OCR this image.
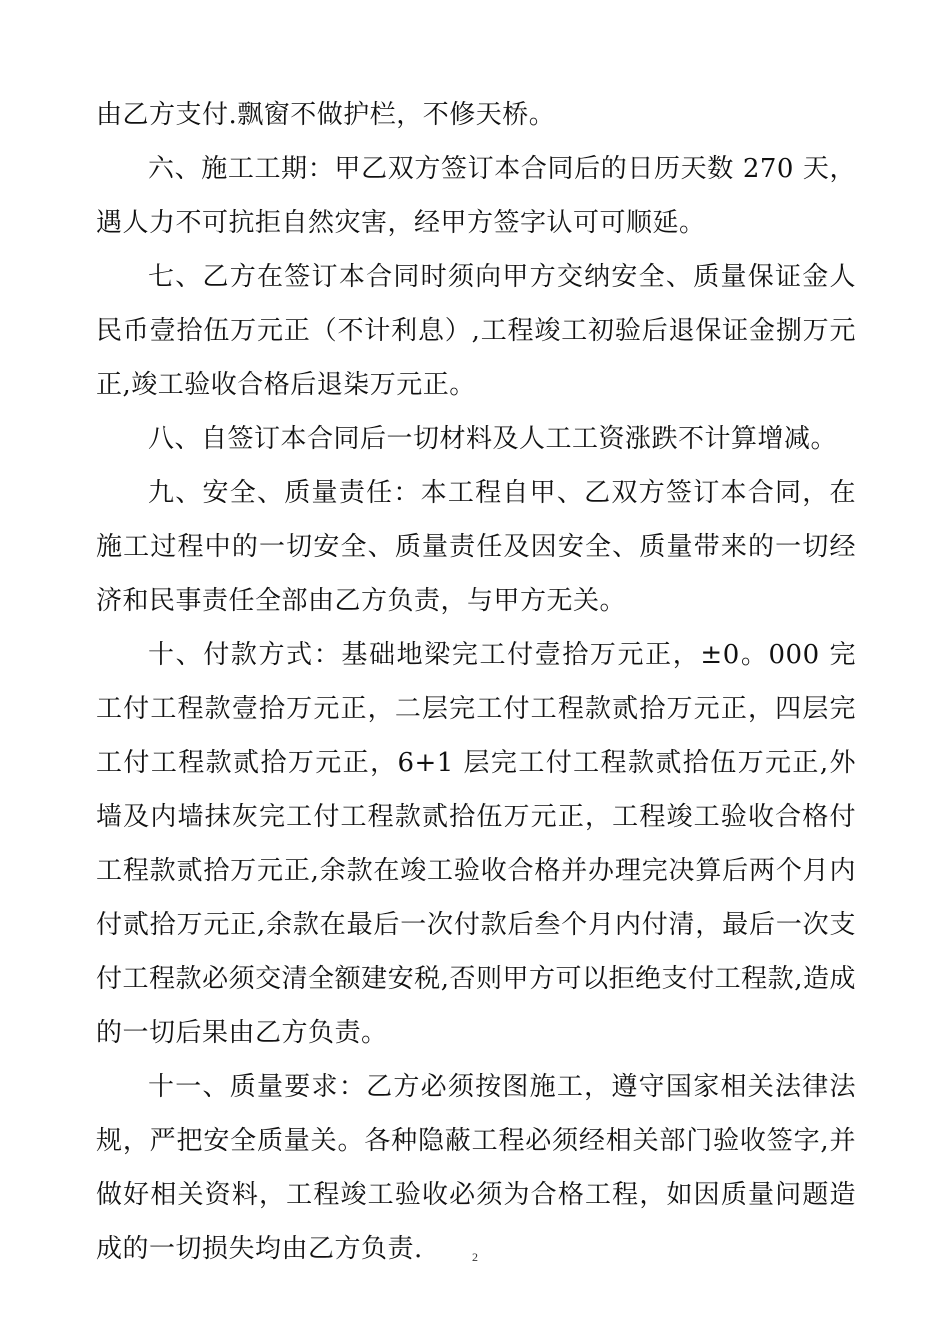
由乙方支付.飘窗不做护栏，不修天桥。

六、施工工期：甲乙双方签订本合同后的日历天数 270 天，遇人力不可抗拒自然灾害，经甲方签字认可可顺延。

七、乙方在签订本合同时须向甲方交纳安全、质量保证金人民币壹拾伍万元正（不计利息）,工程竣工初验后退保证金捌万元正,竣工验收合格后退柒万元正。

八、自签订本合同后一切材料及人工工资涨跌不计算增减。

九、安全、质量责任：本工程自甲、乙双方签订本合同，在施工过程中的一切安全、质量责任及因安全、质量带来的一切经济和民事责任全部由乙方负责，与甲方无关。

十、付款方式：基础地梁完工付壹拾万元正，±0。000 完工付工程款壹拾万元正，二层完工付工程款贰拾万元正，四层完工付工程款贰拾万元正，6+1 层完工付工程款贰拾伍万元正,外墙及内墙抹灰完工付工程款贰拾伍万元正，工程竣工验收合格付工程款贰拾万元正,余款在竣工验收合格并办理完决算后两个月内付贰拾万元正,余款在最后一次付款后叁个月内付清，最后一次支付工程款必须交清全额建安税,否则甲方可以拒绝支付工程款,造成的一切后果由乙方负责。

十一、质量要求：乙方必须按图施工，遵守国家相关法律法规，严把安全质量关。各种隐蔽工程必须经相关部门验收签字,并做好相关资料，工程竣工验收必须为合格工程，如因质量问题造成的一切损失均由乙方负责.	2
